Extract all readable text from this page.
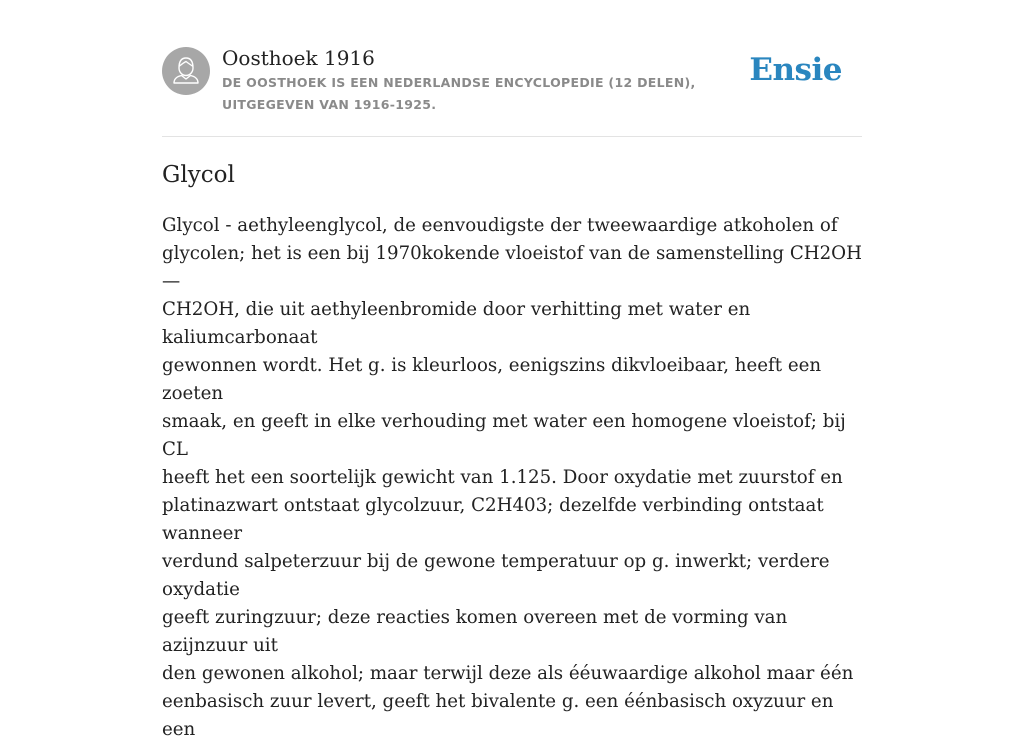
Oosthoek 1916

DE OOSTHOEK IS EEN NEDERLANDSE ENCYCLOPEDIE (12 DELEN), UITGEGEVEN VAN 1916-1925.

Ensie
Glycol
Glycol - aethyleenglycol, de eenvoudigste der tweewaardige atkoholen of
glycolen; het is een bij 1970kokende vloeistof van de samenstelling CH2OH —
CH2OH, die uit aethyleenbromide door verhitting met water en kaliumcarbonaat
gewonnen wordt. Het g. is kleurloos, eenigszins dikvloeibaar, heeft een zoeten
smaak, en geeft in elke verhouding met water een homogene vloeistof; bij CL
heeft het een soortelijk gewicht van 1.125. Door oxydatie met zuurstof en
platinazwart ontstaat glycolzuur, C2H403; dezelfde verbinding ontstaat wanneer
verdund salpeterzuur bij de gewone temperatuur op g. inwerkt; verdere oxydatie
geeft zuringzuur; deze reacties komen overeen met de vorming van azijnzuur uit
den gewonen alkohol; maar terwijl deze als ééuwaardige alkohol maar één
eenbasisch zuur levert, geeft het bivalente g. een éénbasisch oxyzuur en een
